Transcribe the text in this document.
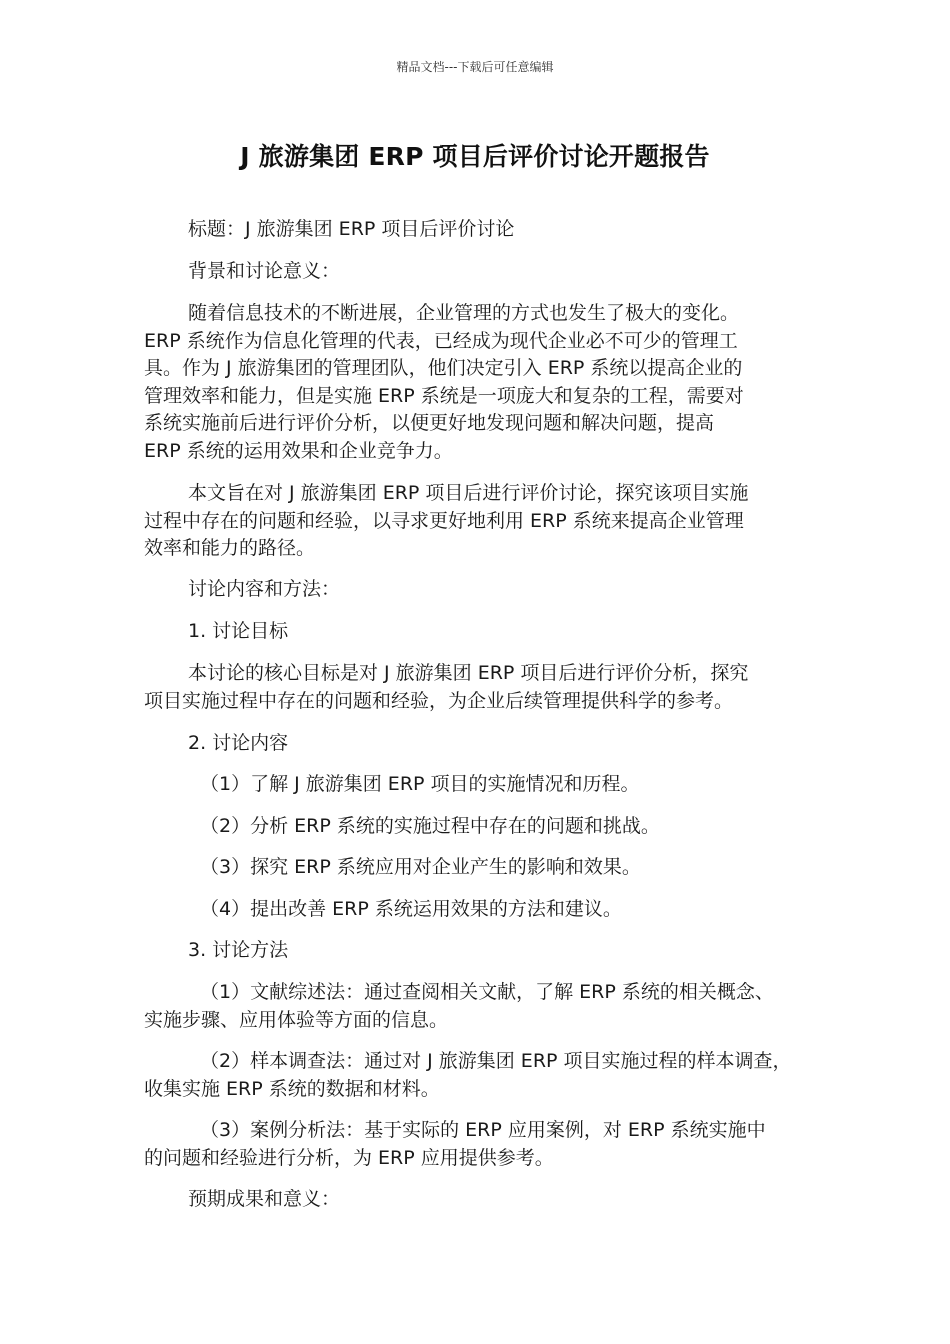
精品文档---下载后可任意编辑
J 旅游集团 ERP 项目后评价讨论开题报告
标题：J 旅游集团 ERP 项目后评价讨论
背景和讨论意义：
随着信息技术的不断进展，企业管理的方式也发生了极大的变化。
ERP 系统作为信息化管理的代表，已经成为现代企业必不可少的管理工
具。作为 J 旅游集团的管理团队，他们决定引入 ERP 系统以提高企业的
管理效率和能力，但是实施 ERP 系统是一项庞大和复杂的工程，需要对
系统实施前后进行评价分析，以便更好地发现问题和解决问题，提高
ERP 系统的运用效果和企业竞争力。
本文旨在对 J 旅游集团 ERP 项目后进行评价讨论，探究该项目实施
过程中存在的问题和经验，以寻求更好地利用 ERP 系统来提高企业管理
效率和能力的路径。
讨论内容和方法：
1. 讨论目标
本讨论的核心目标是对 J 旅游集团 ERP 项目后进行评价分析，探究
项目实施过程中存在的问题和经验，为企业后续管理提供科学的参考。
2. 讨论内容
（1）了解 J 旅游集团 ERP 项目的实施情况和历程。
（2）分析 ERP 系统的实施过程中存在的问题和挑战。
（3）探究 ERP 系统应用对企业产生的影响和效果。
（4）提出改善 ERP 系统运用效果的方法和建议。
3. 讨论方法
（1）文献综述法：通过查阅相关文献，了解 ERP 系统的相关概念、
实施步骤、应用体验等方面的信息。
（2）样本调查法：通过对 J 旅游集团 ERP 项目实施过程的样本调查，
收集实施 ERP 系统的数据和材料。
（3）案例分析法：基于实际的 ERP 应用案例，对 ERP 系统实施中
的问题和经验进行分析，为 ERP 应用提供参考。
预期成果和意义：
